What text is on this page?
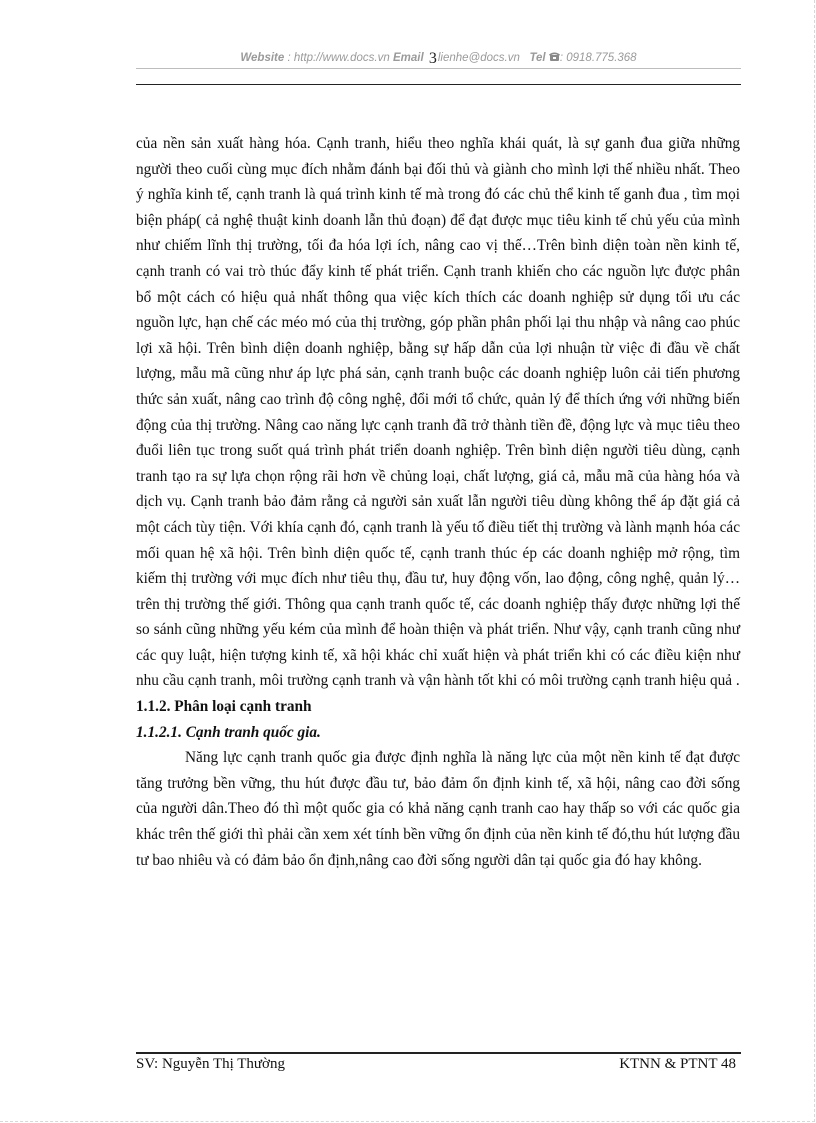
Website : http://www.docs.vn Email 3lienhe@docs.vn Tel : 0918.775.368

của nền sản xuất hàng hóa. Cạnh tranh, hiểu theo nghĩa khái quát, là sự ganh đua giữa những người theo cuối cùng mục đích nhằm đánh bại đối thủ và giành cho mình lợi thế nhiều nhất. Theo ý nghĩa kinh tế, cạnh tranh là quá trình kinh tế mà trong đó các chủ thể kinh tế ganh đua , tìm mọi biện pháp( cả nghệ thuật kinh doanh lẫn thủ đoạn) để đạt được mục tiêu kinh tế chủ yếu của mình như chiếm lĩnh thị trường, tối đa hóa lợi ích, nâng cao vị thế…Trên bình diện toàn nền kinh tế, cạnh tranh có vai trò thúc đẩy kinh tế phát triển. Cạnh tranh khiến cho các nguồn lực được phân bổ một cách có hiệu quả nhất thông qua việc kích thích các doanh nghiệp sử dụng tối ưu các nguồn lực, hạn chế các méo mó của thị trường, góp phần phân phối lại thu nhập và nâng cao phúc lợi xã hội. Trên bình diện doanh nghiệp, bằng sự hấp dẫn của lợi nhuận từ việc đi đầu về chất lượng, mẫu mã cũng như áp lực phá sản, cạnh tranh buộc các doanh nghiệp luôn cải tiến phương thức sản xuất, nâng cao trình độ công nghệ, đổi mới tổ chức, quản lý để thích ứng với những biến động của thị trường. Nâng cao năng lực cạnh tranh đã trở thành tiền đề, động lực và mục tiêu theo đuổi liên tục trong suốt quá trình phát triển doanh nghiệp. Trên bình diện người tiêu dùng, cạnh tranh tạo ra sự lựa chọn rộng rãi hơn về chủng loại, chất lượng, giá cả, mẫu mã của hàng hóa và dịch vụ. Cạnh tranh bảo đảm rằng cả người sản xuất lẫn người tiêu dùng không thể áp đặt giá cả một cách tùy tiện. Với khía cạnh đó, cạnh tranh là yếu tố điều tiết thị trường và lành mạnh hóa các mối quan hệ xã hội. Trên bình diện quốc tế, cạnh tranh thúc ép các doanh nghiệp mở rộng, tìm kiếm thị trường với mục đích như tiêu thụ, đầu tư, huy động vốn, lao động, công nghệ, quản lý…trên thị trường thế giới. Thông qua cạnh tranh quốc tế, các doanh nghiệp thấy được những lợi thế so sánh cũng những yếu kém của mình để hoàn thiện và phát triển. Như vậy, cạnh tranh cũng như các quy luật, hiện tượng kinh tế, xã hội khác chỉ xuất hiện và phát triển khi có các điều kiện như nhu cầu cạnh tranh, môi trường cạnh tranh và vận hành tốt khi có môi trường cạnh tranh hiệu quả .

1.1.2. Phân loại cạnh tranh

1.1.2.1. Cạnh tranh quốc gia.

Năng lực cạnh tranh quốc gia được định nghĩa là năng lực của một nền kinh tế đạt được tăng trưởng bền vững, thu hút được đầu tư, bảo đảm ổn định kinh tế, xã hội, nâng cao đời sống của người dân.Theo đó thì một quốc gia có khả năng cạnh tranh cao hay thấp so với các quốc gia khác trên thế giới thì phải cần xem xét tính bền vững ổn định của nền kinh tế đó,thu hút lượng đầu tư bao nhiêu và có đảm bảo ổn định,nâng cao đời sống người dân tại quốc gia đó hay không.

SV: Nguyễn Thị Thường	KTNN & PTNT 48
